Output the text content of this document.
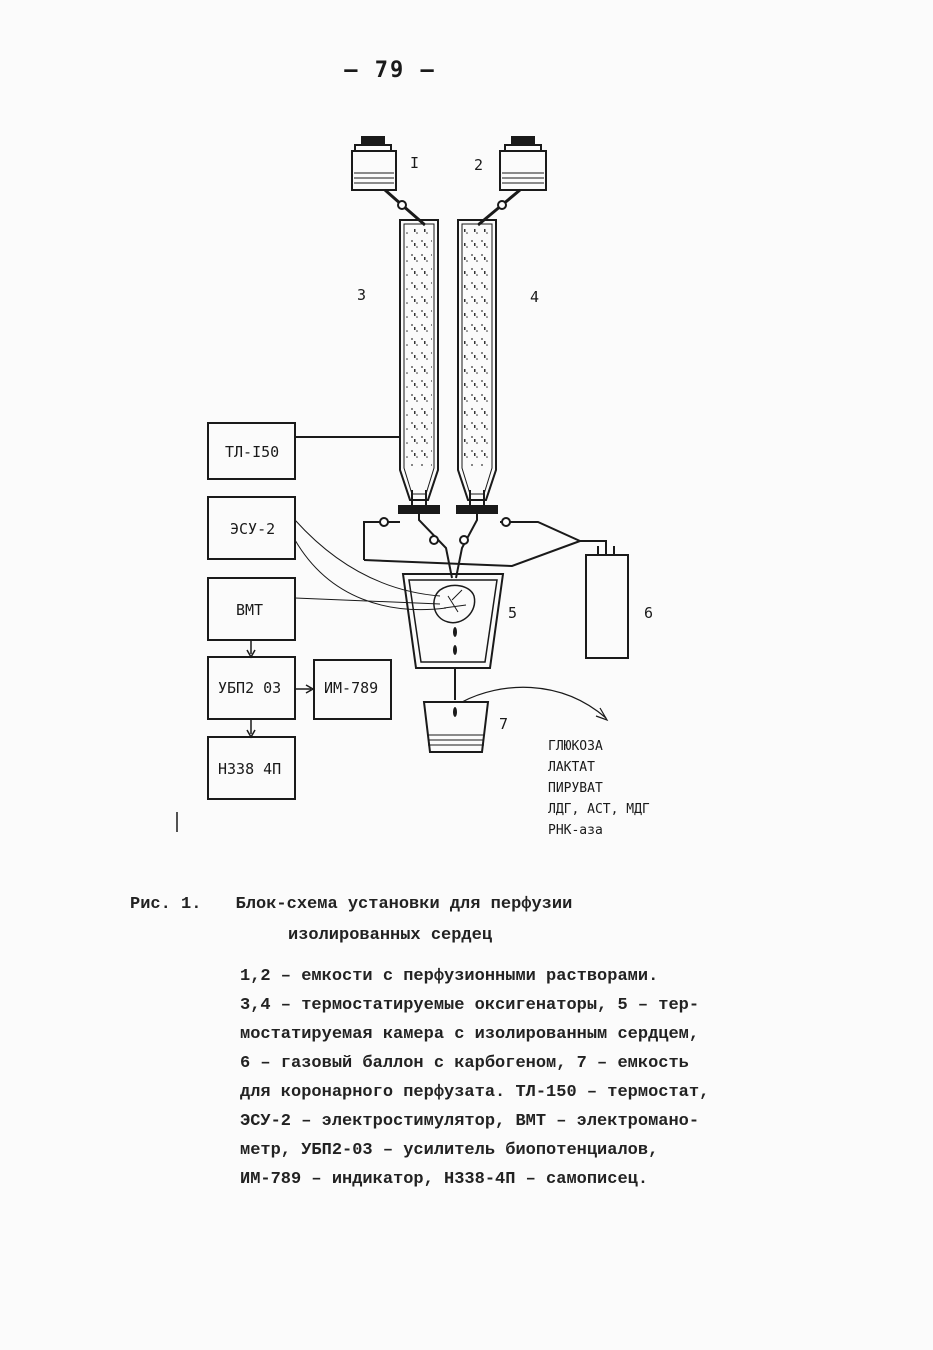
– 79 –
I	2
3	4
5	6
7
ТЛ-I50
ЭСУ-2
ВМТ
УБП2 03	ИМ-789
Н338 4П
ГЛЮКОЗА
ЛАКТАТ
ПИРУВАТ
ЛДГ, АСТ, МДГ
РНК-аза
Рис. 1. Блок-схема установки для перфузии
изолированных сердец
1,2 – емкости с перфузионными растворами.
3,4 – термостатируемые оксигенаторы, 5 – тер-
мостатируемая камера с изолированным сердцем,
6 – газовый баллон с карбогеном, 7 – емкость
для коронарного перфузата. ТЛ-150 – термостат,
ЭСУ-2 – электростимулятор, ВМТ – электроманo-
метр, УБП2-03 – усилитель биопотенциалов,
ИМ-789 – индикатор, Н338-4П – самописец.
